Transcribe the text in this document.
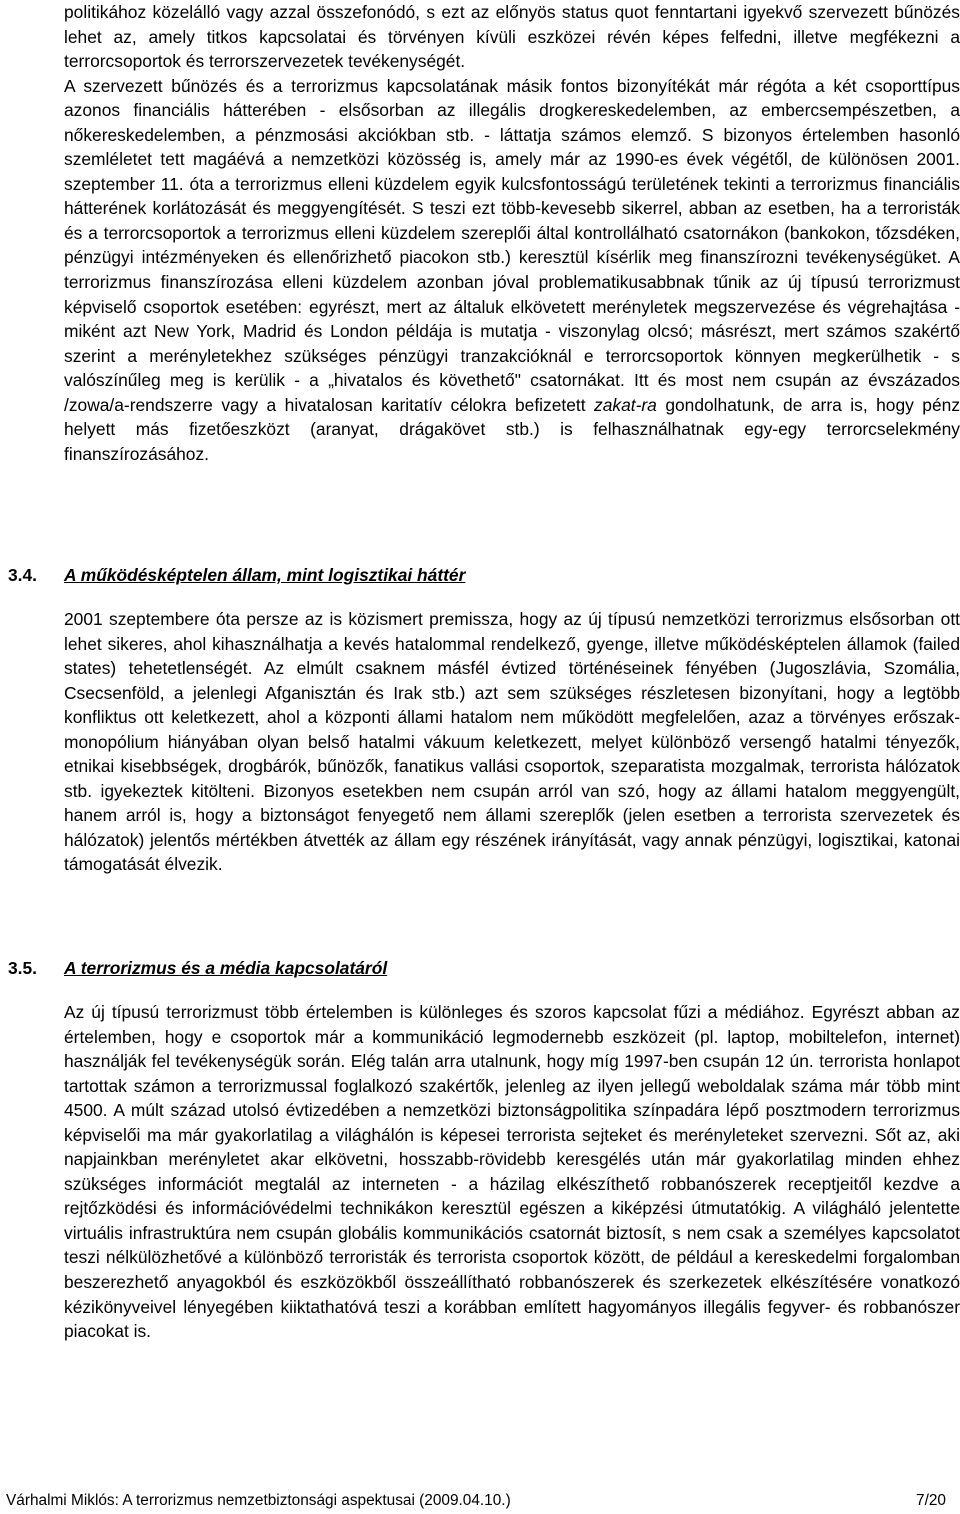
politikához közelálló vagy azzal összefonódó, s ezt az előnyös status quot fenntartani igyekvő szervezett bűnözés lehet az, amely titkos kapcsolatai és törvényen kívüli eszközei révén képes felfedni, illetve megfékezni a terrorcsoportok és terrorszervezetek tevékenységét.

A szervezett bűnözés és a terrorizmus kapcsolatának másik fontos bizonyítékát már régóta a két csoporttípus azonos financiális hátterében - elsősorban az illegális drogkereskedelemben, az embercsempészetben, a nőkereskedelemben, a pénzmosási akciókban stb. - láttatja számos elemző. S bizonyos értelemben hasonló szemléletet tett magáévá a nemzetközi közösség is, amely már az 1990-es évek végétől, de különösen 2001. szeptember 11. óta a terrorizmus elleni küzdelem egyik kulcsfontosságú területének tekinti a terrorizmus financiális hátterének korlátozását és meggyengítését. S teszi ezt több-kevesebb sikerrel, abban az esetben, ha a terroristák és a terrorcsoportok a terrorizmus elleni küzdelem szereplői által kontrollálható csatornákon (bankokon, tőzsdéken, pénzügyi intézményeken és ellenőrizhető piacokon stb.) keresztül kísérlik meg finanszírozni tevékenységüket. A terrorizmus finanszírozása elleni küzdelem azonban jóval problematikusabbnak tűnik az új típusú terrorizmust képviselő csoportok esetében: egyrészt, mert az általuk elkövetett merényletek megszervezése és végrehajtása - miként azt New York, Madrid és London példája is mutatja - viszonylag olcsó; másrészt, mert számos szakértő szerint a merényletekhez szükséges pénzügyi tranzakcióknál e terrorcsoportok könnyen megkerülhetik - s valószínűleg meg is kerülik - a „hivatalos és követhető" csatornákat. Itt és most nem csupán az évszázados /zowa/a-rendszerre vagy a hivatalosan karitatív célokra befizetett zakat-ra gondolhatunk, de arra is, hogy pénz helyett más fizetőeszközt (aranyat, drágakövet stb.) is felhasználhatnak egy-egy terrorcselekmény finanszírozásához.

3.4. A működésképtelen állam, mint logisztikai háttér

2001 szeptembere óta persze az is közismert premissza, hogy az új típusú nemzetközi terrorizmus elsősorban ott lehet sikeres, ahol kihasználhatja a kevés hatalommal rendelkező, gyenge, illetve működésképtelen államok (failed states) tehetetlenségét. Az elmúlt csaknem másfél évtized történéseinek fényében (Jugoszlávia, Szomália, Csecsenföld, a jelenlegi Afganisztán és Irak stb.) azt sem szükséges részletesen bizonyítani, hogy a legtöbb konfliktus ott keletkezett, ahol a központi állami hatalom nem működött megfelelően, azaz a törvényes erőszak-monopólium hiányában olyan belső hatalmi vákuum keletkezett, melyet különböző versengő hatalmi tényezők, etnikai kisebbségek, drogbárók, bűnözők, fanatikus vallási csoportok, szeparatista mozgalmak, terrorista hálózatok stb. igyekeztek kitölteni. Bizonyos esetekben nem csupán arról van szó, hogy az állami hatalom meggyengült, hanem arról is, hogy a biztonságot fenyegető nem állami szereplők (jelen esetben a terrorista szervezetek és hálózatok) jelentős mértékben átvették az állam egy részének irányítását, vagy annak pénzügyi, logisztikai, katonai támogatását élvezik.

3.5. A terrorizmus és a média kapcsolatáról

Az új típusú terrorizmust több értelemben is különleges és szoros kapcsolat fűzi a médiához. Egyrészt abban az értelemben, hogy e csoportok már a kommunikáció legmodernebb eszközeit (pl. laptop, mobiltelefon, internet) használják fel tevékenységük során. Elég talán arra utalnunk, hogy míg 1997-ben csupán 12 ún. terrorista honlapot tartottak számon a terrorizmussal foglalkozó szakértők, jelenleg az ilyen jellegű weboldalak száma már több mint 4500. A múlt század utolsó évtizedében a nemzetközi biztonságpolitika színpadára lépő posztmodern terrorizmus képviselői ma már gyakorlatilag a világhálón is képesei terrorista sejteket és merényleteket szervezni. Sőt az, aki napjainkban merényletet akar elkövetni, hosszabb-rövidebb keresgélés után már gyakorlatilag minden ehhez szükséges információt megtalál az interneten - a házilag elkészíthető robbanószerek receptjeitől kezdve a rejtőzködési és információvédelmi technikákon keresztül egészen a kiképzési útmutatókig. A világháló jelentette virtuális infrastruktúra nem csupán globális kommunikációs csatornát biztosít, s nem csak a személyes kapcsolatot teszi nélkülözhetővé a különböző terroristák és terrorista csoportok között, de például a kereskedelmi forgalomban beszerezhető anyagokból és eszközökből összeállítható robbanószerek és szerkezetek elkészítésére vonatkozó kézikönyveivel lényegében kiiktathatóvá teszi a korábban említett hagyományos illegális fegyver- és robbanószer piacokat is.

Várhalmi Miklós: A terrorizmus nemzetbiztonsági aspektusai (2009.04.10.)	7/20
